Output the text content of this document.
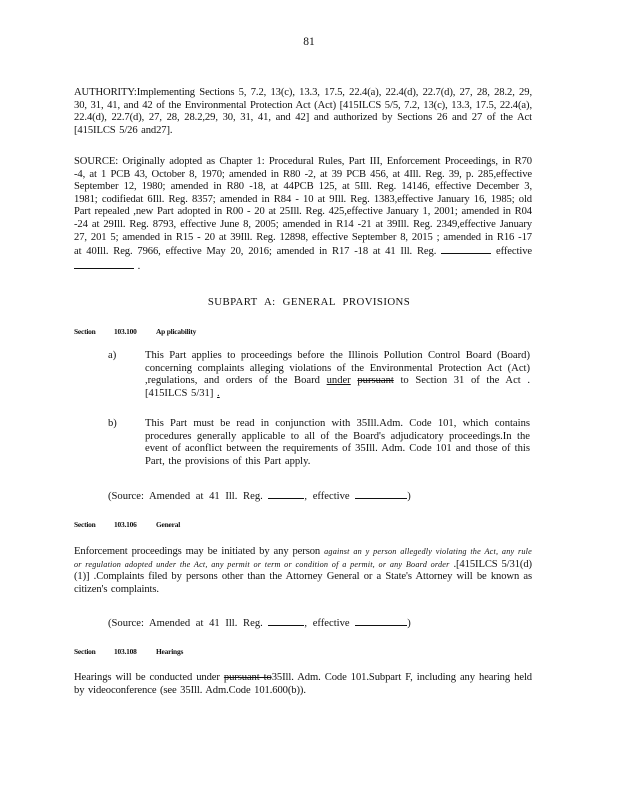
81
AUTHORITY:Implementing Sections 5, 7.2, 13(c), 13.3, 17.5, 22.4(a), 22.4(d), 22.7(d), 27, 28, 28.2, 29, 30, 31, 41, and 42 of the Environmental Protection Act (Act) [415ILCS 5/5, 7.2, 13(c), 13.3, 17.5, 22.4(a), 22.4(d), 22.7(d), 27, 28, 28.2,29, 30, 31, 41, and 42] and authorized by Sections 26 and 27 of the Act [415ILCS 5/26 and27].
SOURCE: Originally adopted as Chapter 1: Procedural Rules, Part III, Enforcement Proceedings, in R70 -4, at 1 PCB 43, October 8, 1970; amended in R80 -2, at 39 PCB 456, at 4Ill. Reg. 39, p. 285,effective September 12, 1980; amended in R80 -18, at 44PCB 125, at 5Ill. Reg. 14146, effective December 3, 1981; codifiedat 6Ill. Reg. 8357; amended in R84 - 10 at 9Ill. Reg. 1383,effective January 16, 1985; old Part repealed ,new Part adopted in R00 - 20 at 25Ill. Reg. 425,effective January 1, 2001; amended in R04 -24 at 29Ill. Reg. 8793, effective June 8, 2005; amended in R14 -21 at 39Ill. Reg. 2349,effective January 27, 201 5; amended in R15 - 20 at 39Ill. Reg. 12898, effective September 8, 2015 ; amended in R16 -17 at 40Ill. Reg. 7966, effective May 20, 2016; amended in R17 -18 at 41 Ill. Reg.	effective  .
SUBPART A: GENERAL PROVISIONS
Section 103.100	Ap plicability
a)	This Part applies to proceedings before the Illinois Pollution Control Board (Board) concerning complaints alleging violations of the Environmental Protection Act (Act) ,regulations, and orders of the Board under pursuant to Section 31 of the Act .[415ILCS 5/31] .
b)	This Part must be read in conjunction with 35Ill.Adm. Code 101, which contains procedures generally applicable to all of the Board's adjudicatory proceedings.In the event of aconflict between the requirements of 35Ill. Adm. Code 101 and those of this Part, the provisions of this Part apply.
(Source: Amended at 41 Ill. Reg.	, effective	)
Section 103.106	General
Enforcement proceedings may be initiated by any person against an y person allegedly violating the Act, any rule or regulation adopted under the Act, any permit or term or condition of a permit, or any Board order .[415ILCS 5/31(d)(1)] .Complaints filed by persons other than the Attorney General or a State's Attorney will be known as citizen's complaints.
(Source: Amended at 41 Ill. Reg.	, effective	)
Section 103.108	Hearings
Hearings will be conducted under pursuant to35Ill. Adm. Code 101.Subpart F, including any hearing held by videoconference (see 35Ill. Adm.Code 101.600(b)).
